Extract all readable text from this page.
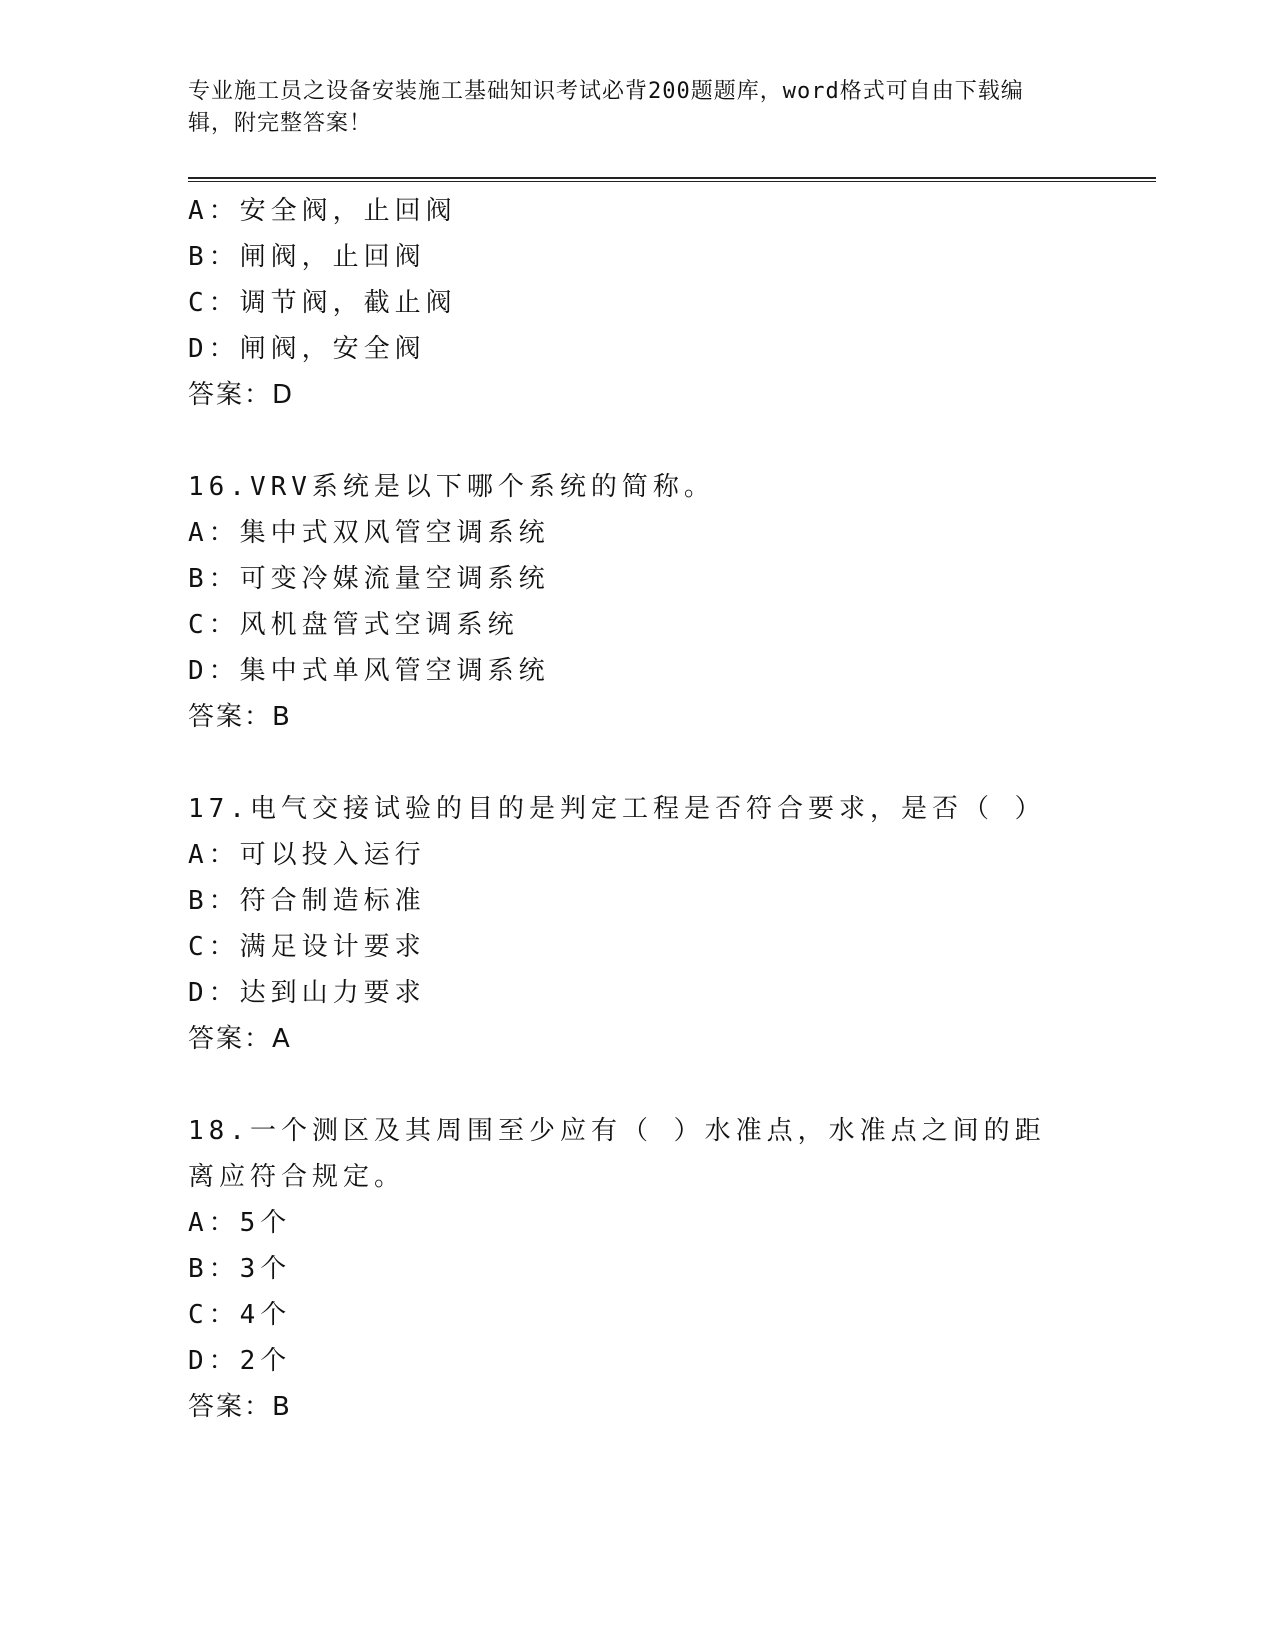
专业施工员之设备安装施工基础知识考试必背200题题库，word格式可自由下载编辑，附完整答案！
A：安全阀，止回阀
B：闸阀，止回阀
C：调节阀，截止阀
D：闸阀，安全阀
答案：D
16.VRV系统是以下哪个系统的简称。
A：集中式双风管空调系统
B：可变冷媒流量空调系统
C：风机盘管式空调系统
D：集中式单风管空调系统
答案：B
17.电气交接试验的目的是判定工程是否符合要求，是否（ ）
A：可以投入运行
B：符合制造标准
C：满足设计要求
D：达到山力要求
答案：A
18.一个测区及其周围至少应有（ ）水准点，水准点之间的距离应符合规定。
A：5个
B：3个
C：4个
D：2个
答案：B
